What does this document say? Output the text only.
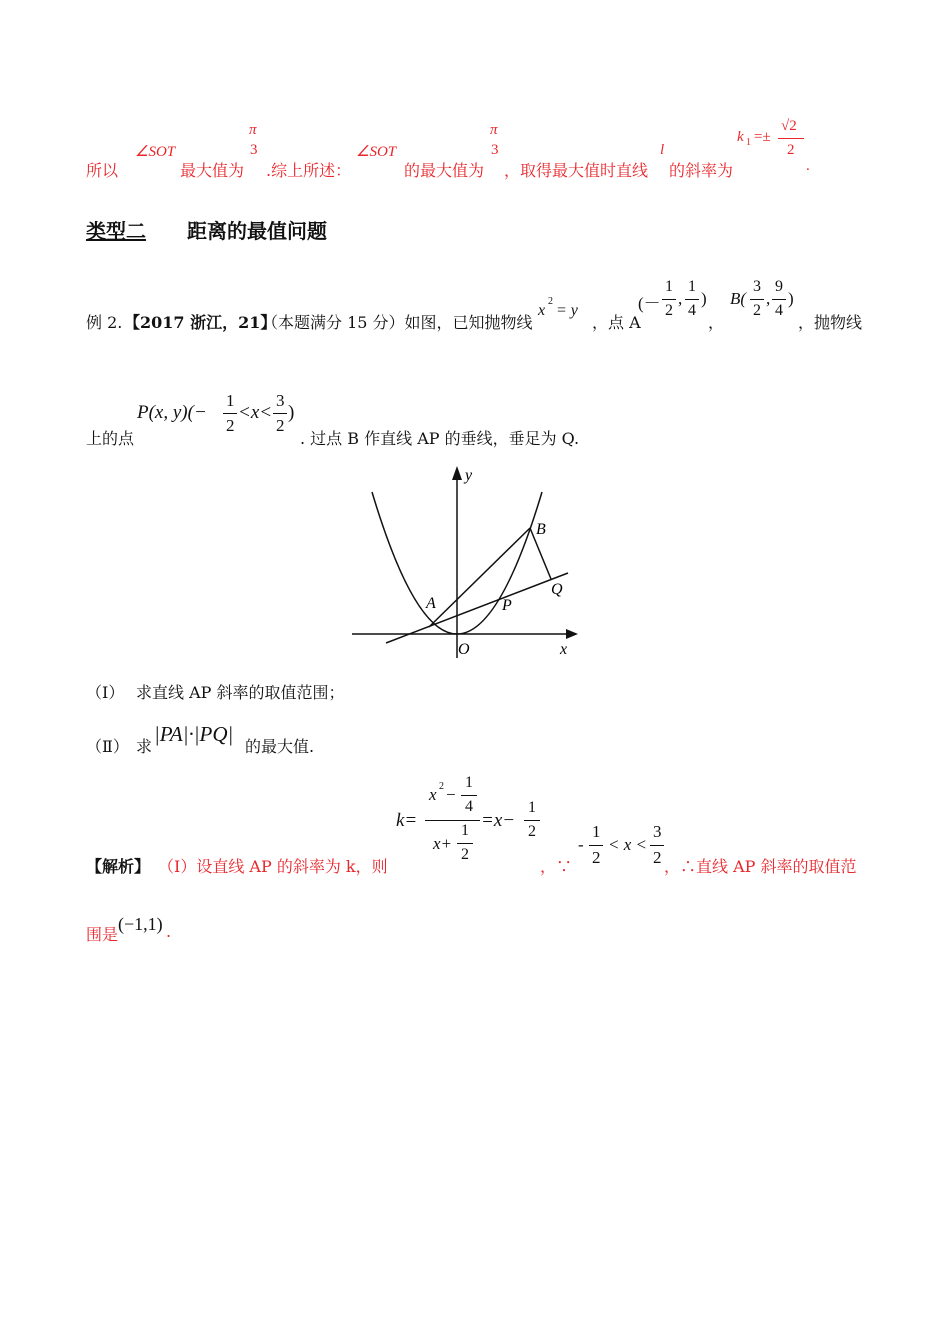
所以
∠SOT
最大值为
π
3
.综上所述：
∠SOT
的最大值为
π
3
，取得最大值时直线
l
的斜率为
k 1 =±
√2
2
.
类型二 距离的最值问题
例 2. 【2017 浙江，21】
（本题满分 15 分）如图，已知抛物线
x
2
= y
，点 A
(－
1
2
,
1
4
)
，
B(
3
2
,
9
4
)
，抛物线
上的点
P(x, y)(−
1
2
<x<
3
2
)
. 过点 B 作直线 AP 的垂线，垂足为 Q.
y
x
O
A
B
P
Q
（Ⅰ） 求直线 AP 斜率的取值范围；
（Ⅱ） 求
|PA|·|PQ|
的最大值.
k=
x 2 −
1
4
x+
1
2
=x−
1
2
【解析】 （Ⅰ）设直线 AP 的斜率为 k，则	，∵
-
1
2
< x <
3
2 ，∴直线 AP 斜率的取值范
围是
(−1,1) .
